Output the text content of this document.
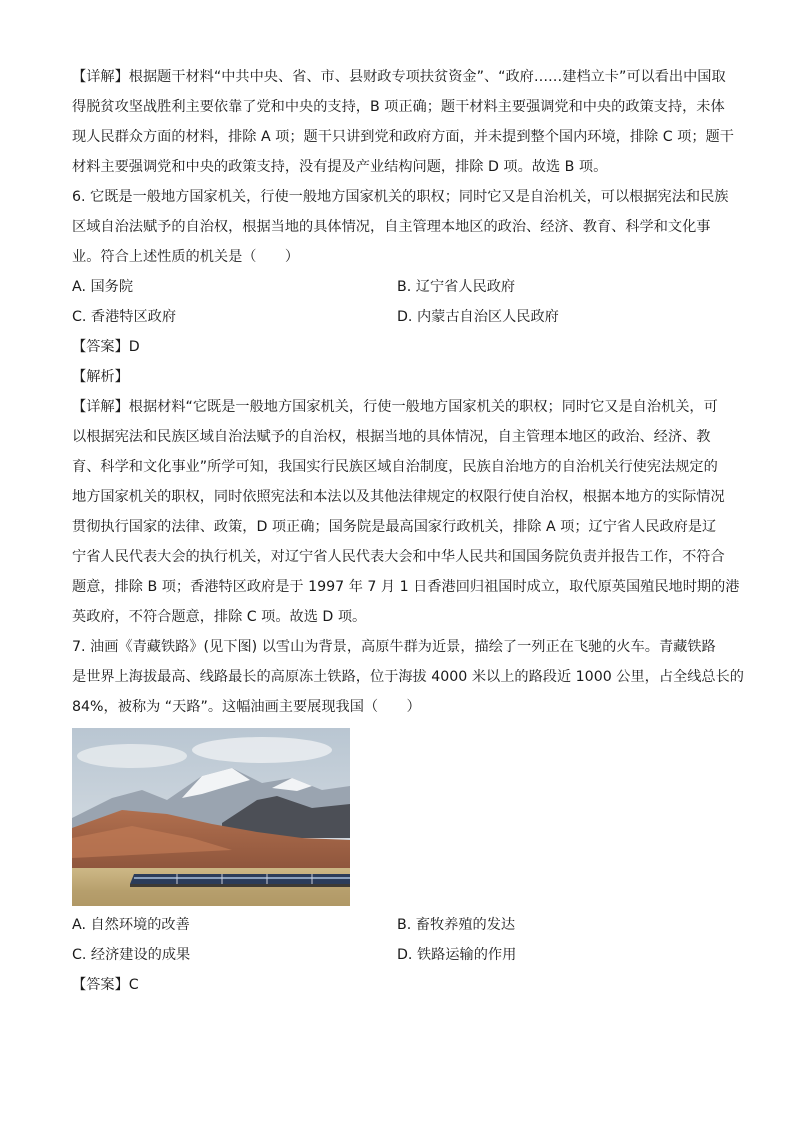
【详解】根据题干材料“中共中央、省、市、县财政专项扶贫资金”、“政府……建档立卡”可以看出中国取
得脱贫攻坚战胜利主要依靠了党和中央的支持，B 项正确；题干材料主要强调党和中央的政策支持，未体
现人民群众方面的材料，排除 A 项；题干只讲到党和政府方面，并未提到整个国内环境，排除 C 项；题干
材料主要强调党和中央的政策支持，没有提及产业结构问题，排除 D 项。故选 B 项。
6. 它既是一般地方国家机关，行使一般地方国家机关的职权；同时它又是自治机关，可以根据宪法和民族
区域自治法赋予的自治权，根据当地的具体情况，自主管理本地区的政治、经济、教育、科学和文化事
业。符合上述性质的机关是（　　）
A. 国务院	B. 辽宁省人民政府
C. 香港特区政府	D. 内蒙古自治区人民政府
【答案】D
【解析】
【详解】根据材料“它既是一般地方国家机关，行使一般地方国家机关的职权；同时它又是自治机关，可
以根据宪法和民族区域自治法赋予的自治权，根据当地的具体情况，自主管理本地区的政治、经济、教
育、科学和文化事业”所学可知，我国实行民族区域自治制度，民族自治地方的自治机关行使宪法规定的
地方国家机关的职权，同时依照宪法和本法以及其他法律规定的权限行使自治权，根据本地方的实际情况
贯彻执行国家的法律、政策，D 项正确；国务院是最高国家行政机关，排除 A 项；辽宁省人民政府是辽
宁省人民代表大会的执行机关，对辽宁省人民代表大会和中华人民共和国国务院负责并报告工作，不符合
题意，排除 B 项；香港特区政府是于 1997 年 7 月 1 日香港回归祖国时成立，取代原英国殖民地时期的港
英政府，不符合题意，排除 C 项。故选 D 项。
7. 油画《青藏铁路》(见下图) 以雪山为背景，高原牛群为近景，描绘了一列正在飞驰的火车。青藏铁路
是世界上海拔最高、线路最长的高原冻土铁路，位于海拔 4000 米以上的路段近 1000 公里，占全线总长的
84%，被称为 “天路”。这幅油画主要展现我国（　　）
A. 自然环境的改善	B. 畜牧养殖的发达
C. 经济建设的成果	D. 铁路运输的作用
【答案】C
